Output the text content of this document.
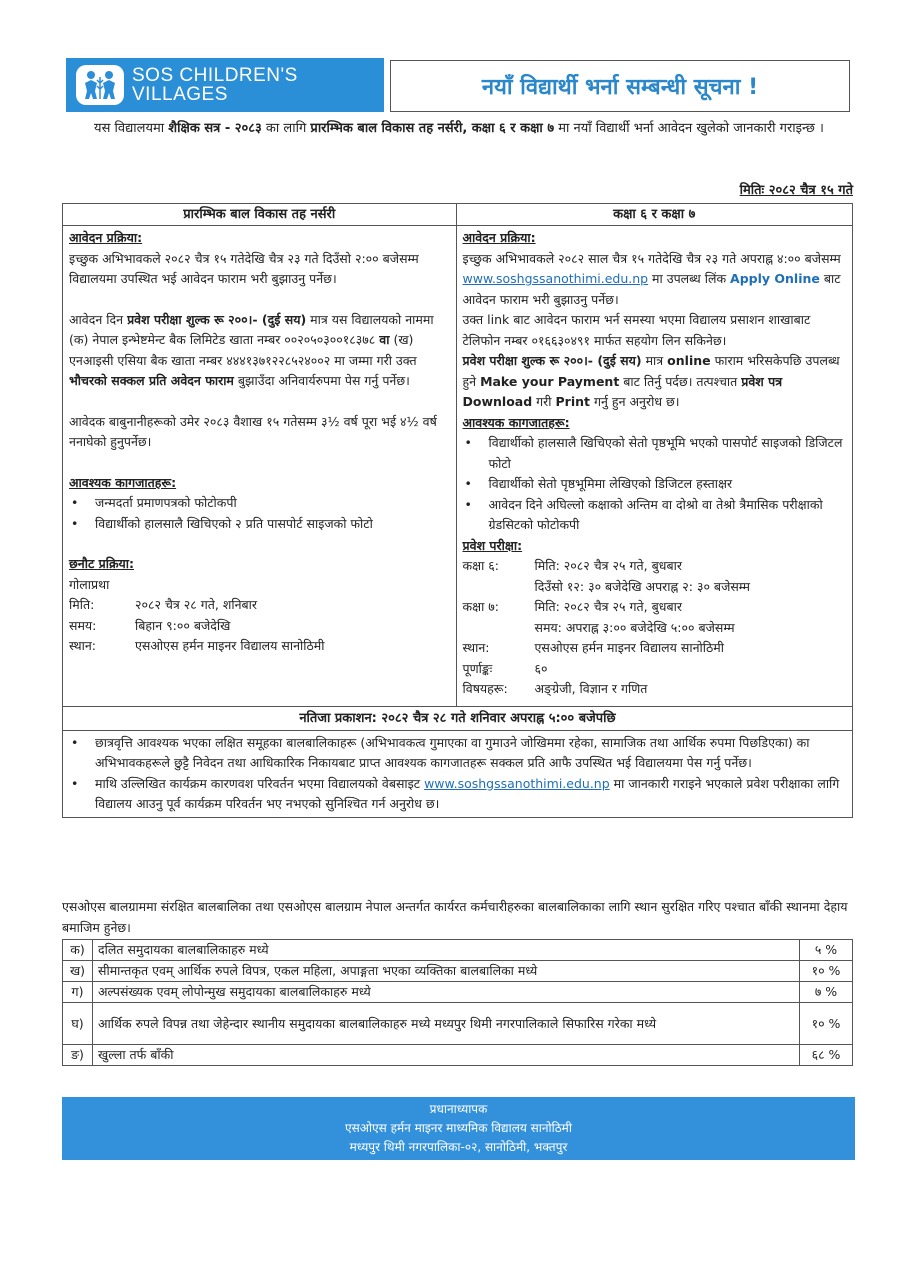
SOS CHILDREN'S
VILLAGES	नयाँ विद्यार्थी भर्ना सम्बन्धी सूचना !
यस विद्यालयमा शैक्षिक सत्र - २०८३ का लागि प्रारम्भिक बाल विकास तह नर्सरी, कक्षा ६ र कक्षा ७ मा नयाँ विद्यार्थी भर्ना आवेदन खुलेको जानकारी गराइन्छ ।
मितिः २०८२ चैत्र १५ गते
प्रारम्भिक बाल विकास तह नर्सरी
आवेदन प्रक्रिया:
इच्छुक अभिभावकले २०८२ चैत्र १५ गतेदेखि चैत्र २३ गते दिउँसो २:०० बजेसम्म विद्यालयमा उपस्थित भई आवेदन फाराम भरी बुझाउनु पर्नेछ।
आवेदन दिन प्रवेश परीक्षा शुल्क रू २००।- (दुई सय) मात्र यस विद्यालयको नाममा (क) नेपाल इन्भेष्टमेन्ट बैक लिमिटेड खाता नम्बर ००२०५०३००१८३७८ वा (ख) एनआइसी एसिया बैक खाता नम्बर ४४४१३७१२२८५२४००२ मा जम्मा गरी उक्त भौचरको सक्कल प्रति अवेदन फाराम बुझाउँदा अनिवार्यरुपमा पेस गर्नु पर्नेछ।
आवेदक बाबुनानीहरूको उमेर २०८३ वैशाख १५ गतेसम्म ३½ वर्ष पूरा भई ४½ वर्ष ननाघेको हुनुपर्नेछ।
आवश्यक कागजातहरू:
•	जन्मदर्ता प्रमाणपत्रको फोटोकपी
•	विद्यार्थीको हालसालै खिचिएको २ प्रति पासपोर्ट साइजको फोटो
छनौट प्रक्रिया:
गोलाप्रथा
मिति:	२०८२ चैत्र २८ गते, शनिबार
समय:	बिहान ९:०० बजेदेखि
स्थान:	एसओएस हर्मन माइनर विद्यालय सानोठिमी
कक्षा ६ र कक्षा ७
आवेदन प्रक्रिया:
इच्छुक अभिभावकले २०८२ साल चैत्र १५ गतेदेखि चैत्र २३ गते अपराह्न ४:०० बजेसम्म www.soshgssanothimi.edu.np मा उपलब्ध लिंक Apply Online बाट आवेदन फाराम भरी बुझाउनु पर्नेछ।
उक्त link बाट आवेदन फाराम भर्न समस्या भएमा विद्यालय प्रसाशन शाखाबाट टेलिफोन नम्बर ०१६६३०४९१ मार्फत सहयोग लिन सकिनेछ।
प्रवेश परीक्षा शुल्क रू २००।- (दुई सय) मात्र online फाराम भरिसकेपछि उपलब्ध हुने Make your Payment बाट तिर्नु पर्दछ। तत्पश्चात प्रवेश पत्र Download गरी Print गर्नु हुन अनुरोध छ।
आवश्यक कागजातहरू:
•	विद्यार्थीको हालसालै खिचिएको सेतो पृष्ठभूमि भएको पासपोर्ट साइजको डिजिटल फोटो
•	विद्यार्थीको सेतो पृष्ठभूमिमा लेखिएको डिजिटल हस्ताक्षर
•	आवेदन दिने अघिल्लो कक्षाको अन्तिम वा दोश्रो वा तेश्रो त्रैमासिक परीक्षाको ग्रेडसिटको फोटोकपी
प्रवेश परीक्षा:
कक्षा ६:	मिति: २०८२ चैत्र २५ गते, बुधबार
दिउँसो १२: ३० बजेदेखि अपराह्न २: ३० बजेसम्म
कक्षा ७:	मिति: २०८२ चैत्र २५ गते, बुधबार
समय: अपराह्न ३:०० बजेदेखि ५:०० बजेसम्म
स्थान:	एसओएस हर्मन माइनर विद्यालय सानोठिमी
पूर्णाङ्कः	६०
विषयहरू:	अङ्ग्रेजी, विज्ञान र गणित
नतिजा प्रकाशन: २०८२ चैत्र २८ गते शनिवार अपराह्न ५:०० बजेपछि
•	छात्रवृत्ति आवश्यक भएका लक्षित समूहका बालबालिकाहरू (अभिभावकत्व गुमाएका वा गुमाउने जोखिममा रहेका, सामाजिक तथा आर्थिक रुपमा पिछडिएका) का अभिभावकहरूले छुट्टै निवेदन तथा आधिकारिक निकायबाट प्राप्त आवश्यक कागजातहरू सक्कल प्रति आफै उपस्थित भई विद्यालयमा पेस गर्नु पर्नेछ।
•	माथि उल्लिखित कार्यक्रम कारणवश परिवर्तन भएमा विद्यालयको वेबसाइट www.soshgssanothimi.edu.np मा जानकारी गराइने भएकाले प्रवेश परीक्षाका लागि विद्यालय आउनु पूर्व कार्यक्रम परिवर्तन भए नभएको सुनिश्चित गर्न अनुरोध छ।
एसओएस बालग्राममा संरक्षित बालबालिका तथा एसओएस बालग्राम नेपाल अन्तर्गत कार्यरत कर्मचारीहरुका बालबालिकाका लागि स्थान सुरक्षित गरिए पश्चात बाँकी स्थानमा देहाय बमाजिम हुनेछ।
क)	दलित समुदायका बालबालिकाहरु मध्ये	५ %
ख)	सीमान्तकृत एवम् आर्थिक रुपले विपत्र, एकल महिला, अपाङ्गता भएका व्यक्तिका बालबालिका मध्ये	१० %
ग)	अल्पसंख्यक एवम् लोपोन्मुख समुदायका बालबालिकाहरु मध्ये	७ %
घ)	आर्थिक रुपले विपन्न तथा जेहेन्दार स्थानीय समुदायका बालबालिकाहरु मध्ये मध्यपुर थिमी नगरपालिकाले सिफारिस गरेका मध्ये	१० %
ङ)	खुल्ला तर्फ बाँकी	६८ %
प्रधानाध्यापक
एसओएस हर्मन माइनर माध्यमिक विद्यालय सानोठिमी
मध्यपुर थिमी नगरपालिका-०२, सानोठिमी, भक्तपुर
